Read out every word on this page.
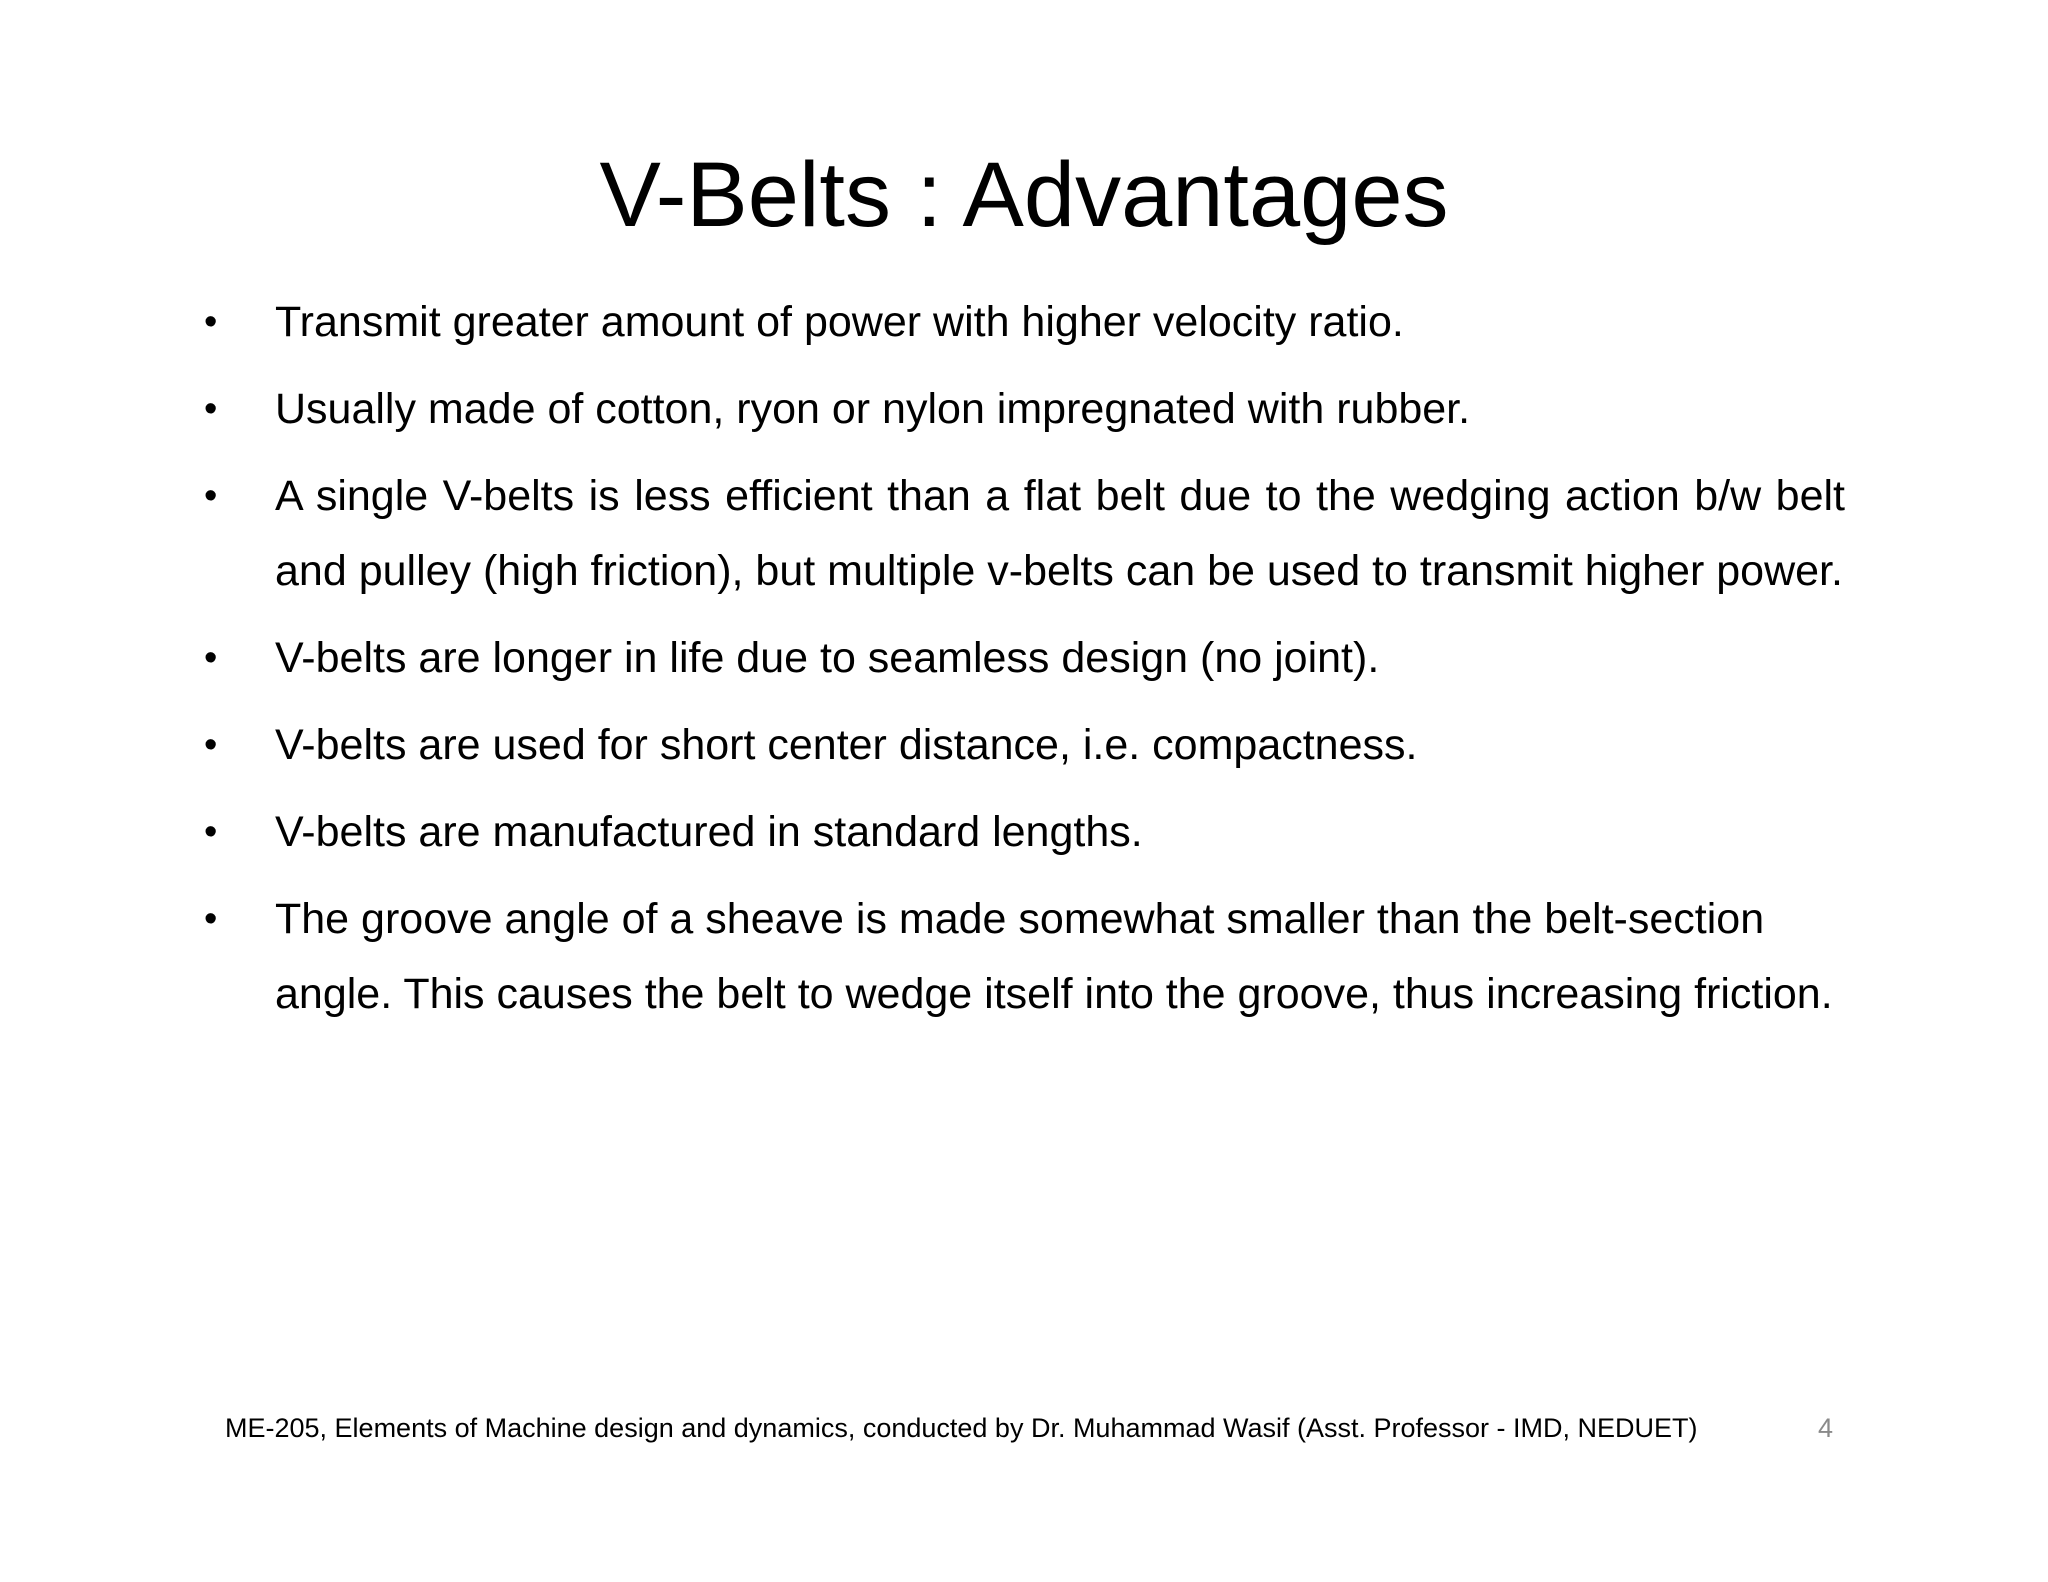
V-Belts : Advantages
• Transmit greater amount of power with higher velocity ratio.
• Usually made of cotton, ryon or nylon impregnated with rubber.
• A single V-belts is less efficient than a flat belt due to the wedging action b/w belt and pulley (high friction), but multiple v-belts can be used to transmit higher power.
• V-belts are longer in life due to seamless design (no joint).
• V-belts are used for short center distance, i.e. compactness.
• V-belts are manufactured in standard lengths.
• The groove angle of a sheave is made somewhat smaller than the belt-section angle. This causes the belt to wedge itself into the groove, thus increasing friction.
ME-205, Elements of Machine design and dynamics, conducted by Dr. Muhammad Wasif (Asst. Professor - IMD, NEDUET)	4
